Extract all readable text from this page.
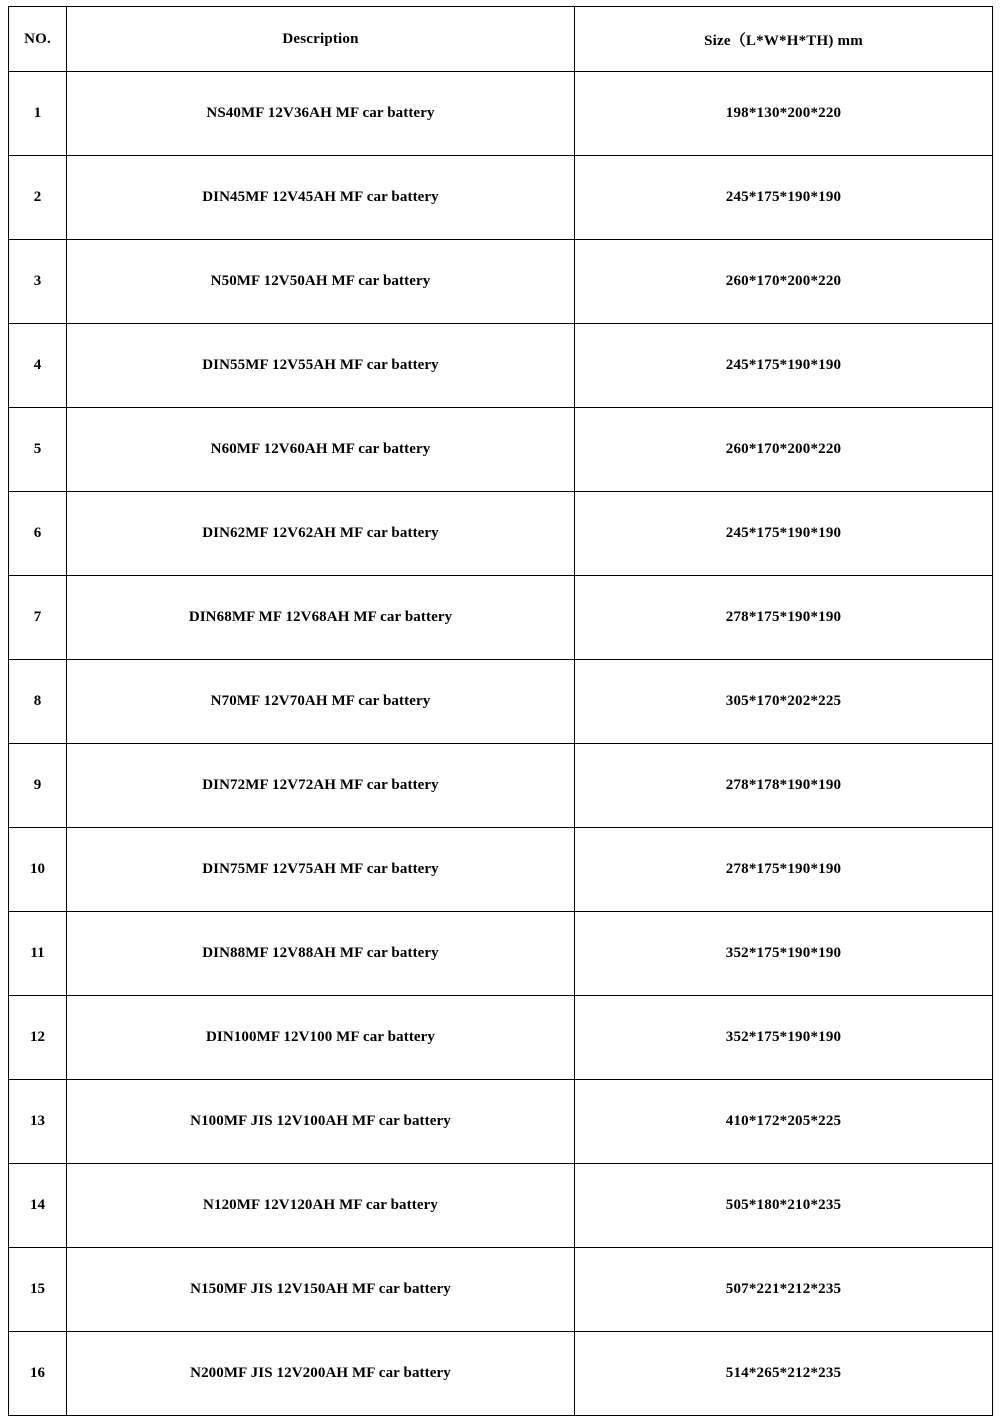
NO.	Description	Size（L*W*H*TH) mm
1	NS40MF 12V36AH MF car battery	198*130*200*220
2	DIN45MF 12V45AH MF car battery	245*175*190*190
3	N50MF 12V50AH MF car battery	260*170*200*220
4	DIN55MF 12V55AH MF car battery	245*175*190*190
5	N60MF 12V60AH MF car battery	260*170*200*220
6	DIN62MF 12V62AH MF car battery	245*175*190*190
7	DIN68MF MF 12V68AH MF car battery	278*175*190*190
8	N70MF 12V70AH MF car battery	305*170*202*225
9	DIN72MF 12V72AH MF car battery	278*178*190*190
10	DIN75MF 12V75AH MF car battery	278*175*190*190
11	DIN88MF 12V88AH MF car battery	352*175*190*190
12	DIN100MF 12V100 MF car battery	352*175*190*190
13	N100MF JIS 12V100AH MF car battery	410*172*205*225
14	N120MF 12V120AH MF car battery	505*180*210*235
15	N150MF JIS 12V150AH MF car battery	507*221*212*235
16	N200MF JIS 12V200AH MF car battery	514*265*212*235
